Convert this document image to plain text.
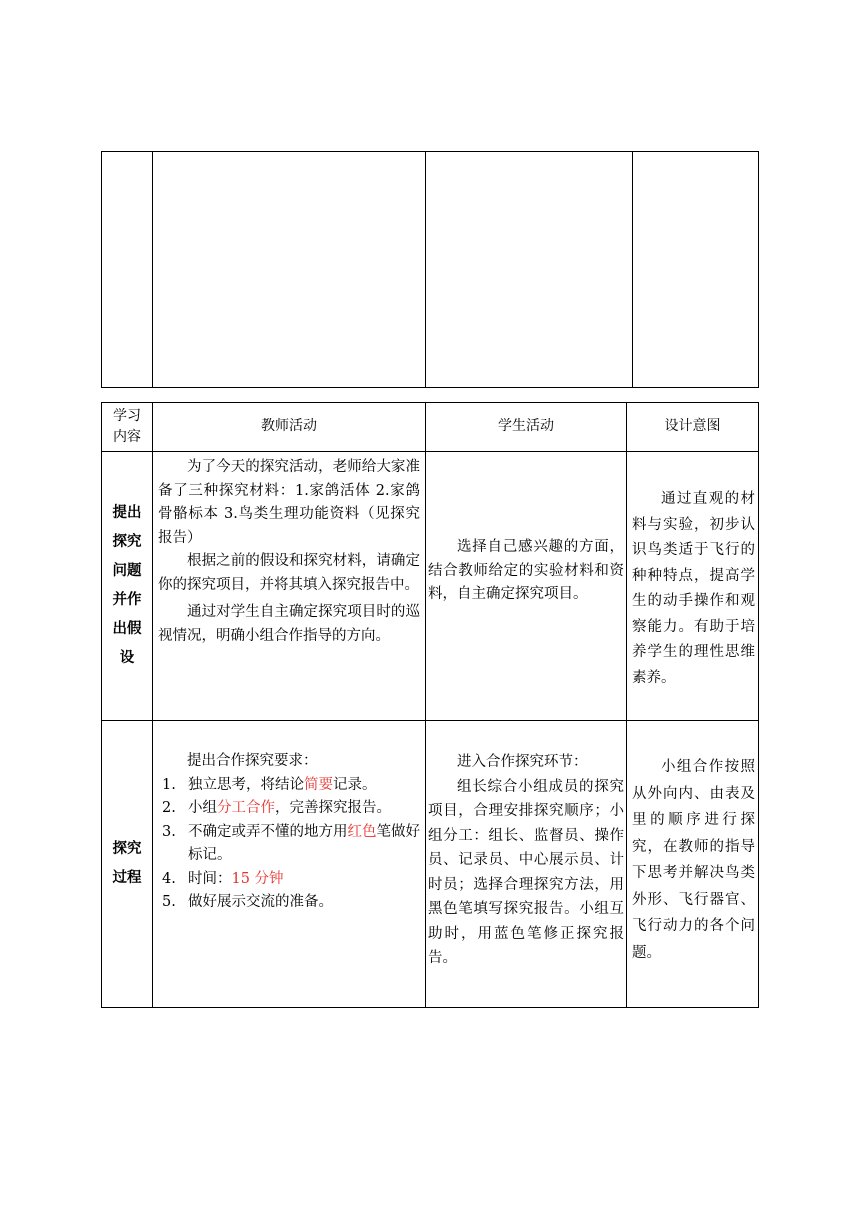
学习
内容
教师活动	学生活动	设计意图
提出
探究
问题
并作
出假
设

为了今天的探究活动，老师给大家准备了三种探究材料：1.家鸽活体 2.家鸽骨骼标本 3.鸟类生理功能资料（见探究报告）

根据之前的假设和探究材料，请确定你的探究项目，并将其填入探究报告中。

通过对学生自主确定探究项目时的巡视情况，明确小组合作指导的方向。

选择自己感兴趣的方面，结合教师给定的实验材料和资料，自主确定探究项目。

通过直观的材料与实验，初步认识鸟类适于飞行的种种特点，提高学生的动手操作和观察能力。有助于培养学生的理性思维素养。

探究
过程

提出合作探究要求：

1. 独立思考，将结论简要记录。
2. 小组分工合作，完善探究报告。
3. 不确定或弄不懂的地方用红色笔做好标记。
4. 时间：15 分钟
5. 做好展示交流的准备。

进入合作探究环节：

组长综合小组成员的探究项目，合理安排探究顺序；小组分工：组长、监督员、操作员、记录员、中心展示员、计时员；选择合理探究方法，用黑色笔填写探究报告。小组互助时，用蓝色笔修正探究报告。

小组合作按照从外向内、由表及里的顺序进行探究，在教师的指导下思考并解决鸟类外形、飞行器官、飞行动力的各个问题。
